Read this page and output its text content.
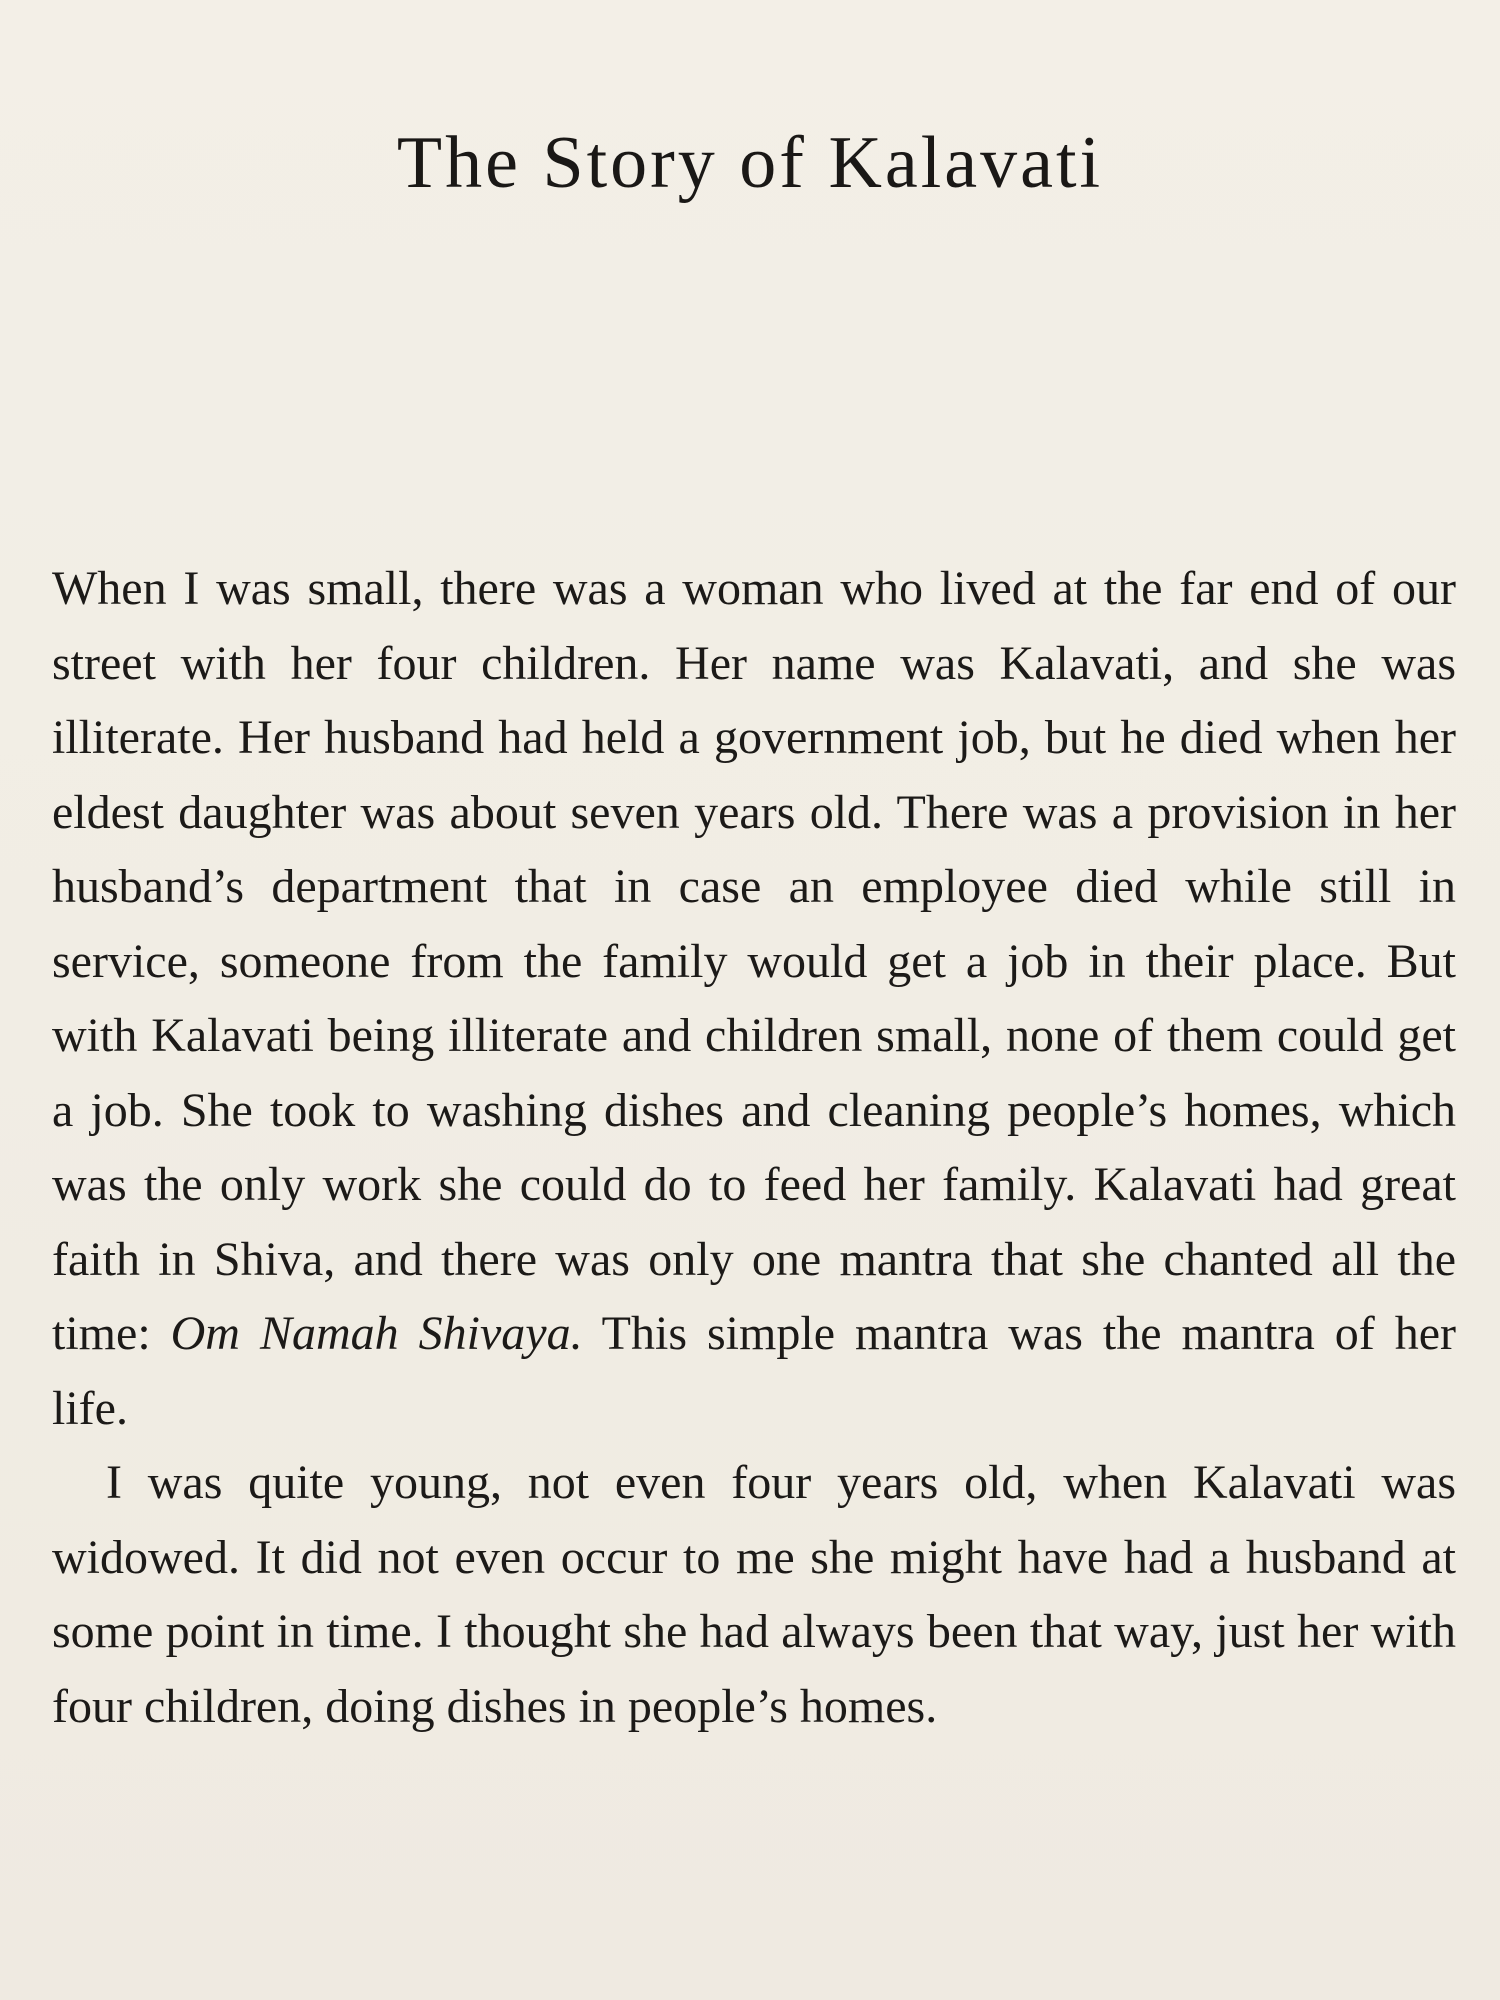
The Story of Kalavati

When I was small, there was a woman who lived at the far end of our street with her four children. Her name was Kalavati, and she was illiterate. Her husband had held a government job, but he died when her eldest daughter was about seven years old. There was a provision in her husband’s department that in case an employee died while still in service, someone from the family would get a job in their place. But with Kalavati being illiterate and children small, none of them could get a job. She took to washing dishes and cleaning people’s homes, which was the only work she could do to feed her family. Kalavati had great faith in Shiva, and there was only one mantra that she chanted all the time: Om Namah Shivaya. This simple mantra was the mantra of her life.

I was quite young, not even four years old, when Kalavati was widowed. It did not even occur to me she might have had a husband at some point in time. I thought she had always been that way, just her with four children, doing dishes in people’s homes.
